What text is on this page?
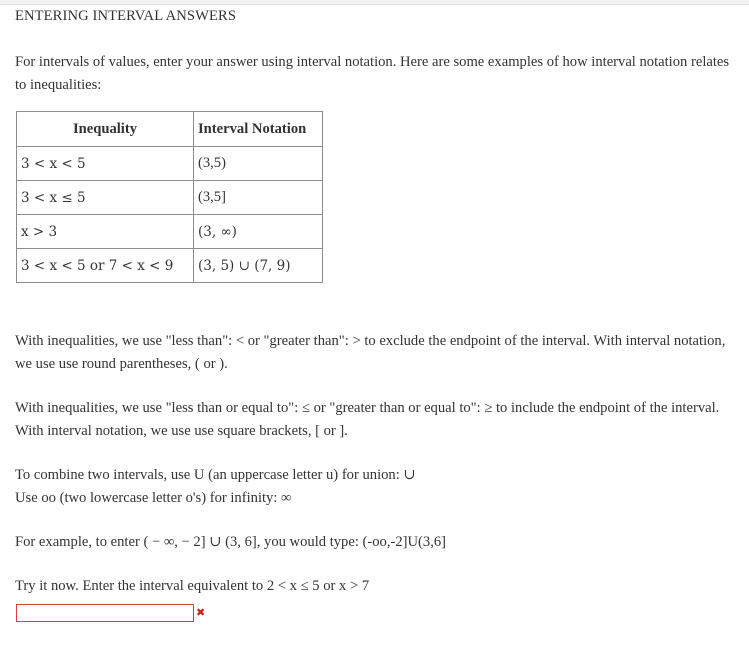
ENTERING INTERVAL ANSWERS

For intervals of values, enter your answer using interval notation. Here are some examples of how interval notation relates to inequalities:

Inequality	Interval Notation
3 < x < 5	(3,5)
3 < x ≤ 5	(3,5]
x > 3	(3, ∞)
3 < x < 5 or 7 < x < 9	(3, 5) ∪ (7, 9)

With inequalities, we use "less than": < or "greater than": > to exclude the endpoint of the interval. With interval notation, we use use round parentheses, ( or ).

With inequalities, we use "less than or equal to": ≤ or "greater than or equal to": ≥ to include the endpoint of the interval. With interval notation, we use use square brackets, [ or ].

To combine two intervals, use U (an uppercase letter u) for union: ∪

Use oo (two lowercase letter o's) for infinity: ∞

For example, to enter ( − ∞, − 2] ∪ (3, 6], you would type: (-oo,-2]U(3,6]

Try it now. Enter the interval equivalent to 2 < x ≤ 5 or x > 7

✖
